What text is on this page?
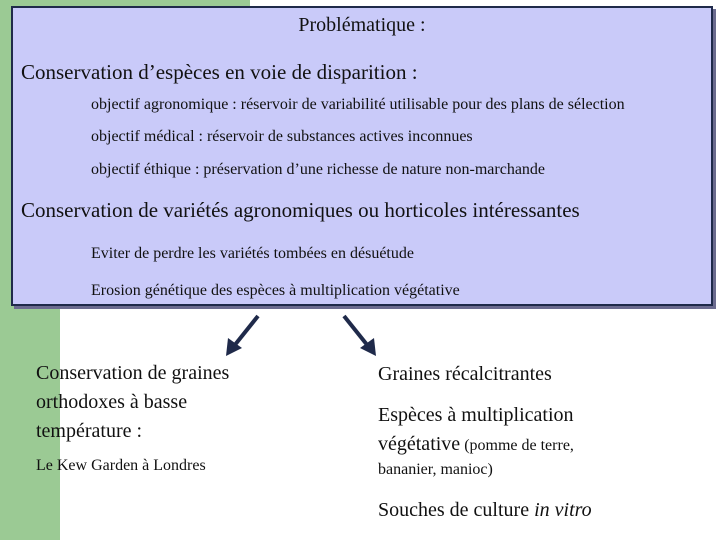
Problématique :
Conservation d’espèces en voie de disparition :
objectif agronomique : réservoir de variabilité utilisable pour des plans de sélection
objectif médical : réservoir de substances actives inconnues
objectif éthique : préservation d’une richesse de nature non-marchande
Conservation de variétés agronomiques ou horticoles intéressantes
Eviter de perdre les variétés tombées en désuétude
Erosion génétique des espèces à multiplication végétative
Conservation de graines
orthodoxes à basse
température :
Le Kew Garden à Londres
Graines récalcitrantes
Espèces à multiplication
végétative (pomme de terre,
bananier, manioc)
Souches de culture in vitro
